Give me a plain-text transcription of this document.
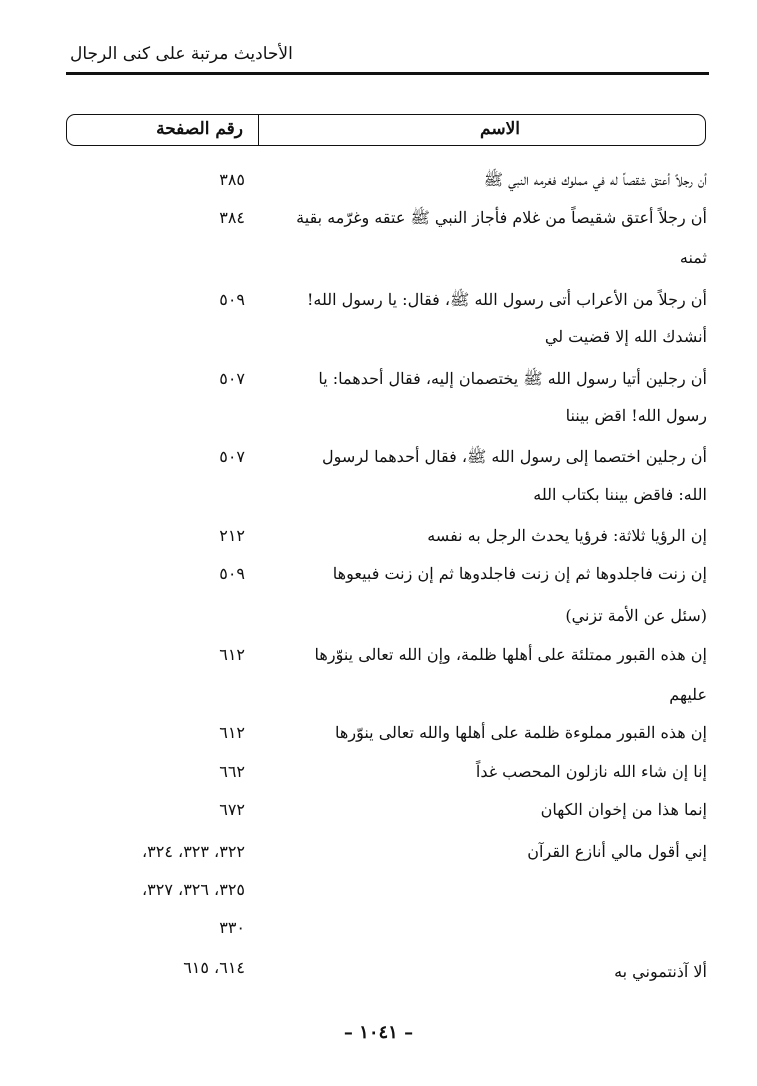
الأحاديث مرتبة على كنى الرجال
الاسم
رقم الصفحة
أن رجلاً أعتق شقصاً له في مملوك فغرمه النبي ﷺ
٣٨٥
أن رجلاً أعتق شقيصاً من غلام فأجاز النبي ﷺ عتقه وغرّمه بقية
ثمنه
٣٨٤
أن رجلاً من الأعراب أتى رسول الله ﷺ، فقال: يا رسول الله!
أنشدك الله إلا قضيت لي
٥٠٩
أن رجلين أتيا رسول الله ﷺ يختصمان إليه، فقال أحدهما: يا
رسول الله! اقض بيننا
٥٠٧
أن رجلين اختصما إلى رسول الله ﷺ، فقال أحدهما لرسول
الله: فاقض بيننا بكتاب الله
٥٠٧
إن الرؤيا ثلاثة: فرؤيا يحدث الرجل به نفسه
٢١٢
إن زنت فاجلدوها ثم إن زنت فاجلدوها ثم إن زنت فبيعوها
(سئل عن الأمة تزني)
٥٠٩
إن هذه القبور ممتلئة على أهلها ظلمة، وإن الله تعالى ينوّرها
عليهم
٦١٢
إن هذه القبور مملوءة ظلمة على أهلها والله تعالى ينوّرها
٦١٢
إنا إن شاء الله نازلون المحصب غداً
٦٦٢
إنما هذا من إخوان الكهان
٦٧٢
إني أقول مالي أنازع القرآن
٣٢٢، ٣٢٣، ٣٢٤،
٣٢٥، ٣٢٦، ٣٢٧،
٣٣٠
ألا آذنتموني به
٦١٤، ٦١٥
– ١٠٤١ –
